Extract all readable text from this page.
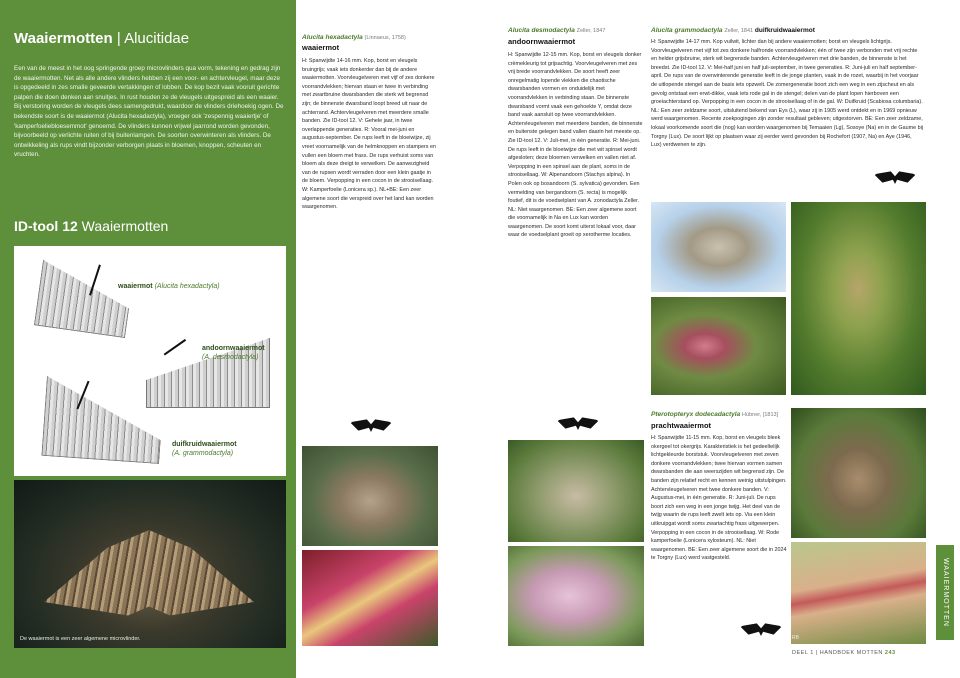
Waaiermotten | Alucitidae

Een van de meest in het oog springende groep microvlinders qua vorm, tekening en gedrag zijn de waaiermotten. Net als alle andere vlinders hebben zij een voor- en achtervleugel, maar deze is opgedeeld in zes smalle geveerde vertakkingen of lobben. De kop bezit vaak vooruit gerichte palpen die doen denken aan snuitjes. In rust houden ze de vleugels uitgespreid als een waaier. Bij verstoring worden de vleugels dees samengedrukt, waardoor de vlinders driehoekig ogen. De bekendste soort is de waaiermot (Alucita hexadactyla), vroeger ook 'zespennig waaiertje' of 'kamperfoeliebloesemmot' genoemd. De vlinders kunnen vrijwel jaarrond worden gevonden, bijvoorbeeld op verlichte ruiten of bij buitenlampen. De soorten overwinteren als vlinders. De ontwikkeling als rups vindt bijzonder verborgen plaats in bloemen, knoppen, scheuten en vruchten.

ID-tool 12 Waaiermotten
waaiermot (Alucita hexadactyla)
andoornwaaiermot
(A. desmodactyla)
duifkruidwaaiermot
(A. grammodactyla)
De waaiermot is een zeer algemene microvlinder.
Alucita hexadactyla (Linnaeus, 1758)
waaiermot

H: Spanwijdte 14-16 mm. Kop, borst en vleugels bruingrijs; vaak iets donkerder dan bij de andere waaiermotten. Voorvleugelveren met vijf of zes donkere voorrandvlekken; hiervan staan er twee in verbinding met zwartbruine dwarsbanden die sterk wit begrensd zijn; de binnenste dwarsband loopt breed uit naar de achterrand. Achtervleugelveren met meerdere smalle banden. Zie ID-tool 12. V: Gehele jaar, in twee overlappende generaties. R: Vooral mei-juni en augustus-september. De rups leeft in de bloeiwijze, zij vreet voornamelijk van de helmknoppen en stampers en vullen een bloem met frass. De rups verhuist soms van bloem als deze dreigt te verwelken. De aanwezigheid van de rupsen wordt verraden door een klein gaatje in de bloem. Verpopping in een cocon in de strooisellaag. W: Kamperfoelie (Lonicera sp.). NL+BE: Een zeer algemene soort die verspreid over het land kan worden waargenomen.

Alucita desmodactyla Zeller, 1847
andoornwaaiermot

H: Spanwijdte 12-15 mm. Kop, borst en vleugels donker crèmekleurig tot grijsachtig. Voorvleugelveren met zes vrij brede voorrandvlekken. De soort heeft zeer onregelmatig lopende vlekken die chaotische dwarsbanden vormen en onduidelijk met voorrandvlekken in verbinding staan. De binnenste dwarsband vormt vaak een gehoekte Y, omdat deze band vaak aansluit op twee voorrandvlekken. Achtervleugelveren met meerdere banden, de binnenste en buitenste gelegen band vallen daarin het meeste op. Zie ID-tool 12. V: Juli-mei, in één generatie. R: Mei-juni. De rups leeft in de bloeiwijze die met wit spinsel wordt afgesloten; deze bloemen verwelken en vallen niet af. Verpopping in een spinsel aan de plant, soms in de strooisellaag. W: Alpenandoorn (Stachys alpina). In Polen ook op bosandoorn (S. sylvatica) gevonden. Een vermelding van bergandoorn (S. recta) is mogelijk foutief, dit is de voedselplant van A. zonodactyla Zeller. NL: Niet waargenomen. BE: Een zeer algemene soort die voornamelijk in Na en Lux kan worden waargenomen. De soort komt uiterst lokaal voor, daar waar de voedselplant groeit op xerotherme locaties.

Alucita grammodactyla Zeller, 1841 duifkruidwaaiermot

H: Spanwijdte 14-17 mm. Kop vuilwit, lichter dan bij andere waaiermotten; borst en vleugels lichtgrijs. Voorvleugelveren met vijf tot zes donkere halfronde voorrandvlekken; één of twee zijn verbonden met vrij rechte en helder grijsbruine, sterk wit begrensde banden. Achtervleugelveren met drie banden, de binnenste is het breedst. Zie ID-tool 12. V: Mei-half juni en half juli-september, in twee generaties. R: Juni-juli en half september-april. De rups van de overwinterende generatie leeft in de jonge planten, vaak in de rozet, waarbij in het voorjaar de uitlopende stengel aan de basis iets opzwelt. De zomergeneratie boort zich een weg in een zijscheut en als gevolg ontstaat een erwt-dikke, vaak iets rode gal in de stengel; delen van de plant lopen hierboven een groeiachterstand op. Verpopping in een cocon in de strooisellaag of in de gal. W: Duifkruid (Scabiosa columbaria). NL: Een zeer zeldzame soort, uitsluitend bekend van Eys (L), waar zij in 1905 werd ontdekt en in 1969 opnieuw werd waargenomen. Recente zoekpogingen zijn zonder resultaat gebleven; uitgestorven. BE: Een zeer zeldzame, lokaal voorkomende soort die (nog) kan worden waargenomen bij Temaaien (Lg), Sosoye (Na) en in de Gaume bij Torgny (Lux). De soort lijkt op plaatsen waar zij eerder werd gevonden bij Rochefort (1907, Na) en Aye (1946, Lux) verdwenen te zijn.

Pterotopteryx dodecadactyla Hübner, [1813]
prachtwaaiermot

H: Spanwijdte 11-15 mm. Kop, borst en vleugels bleek okergeel tot okergrijs. Karakteristiek is het gedeeltelijk lichtgekleurde borststuk. Voorvleugelveren met zeven donkere voorrandvlekken; twee hiervan vormen samen dwarsbanden die aan weerszijden wit begrensd zijn. De banden zijn relatief recht en kennen weinig uitstulpingen. Achtervleugelveren met twee donkere banden. V: Augustus-mei, in één generatie. R: Juni-juli. De rups boort zich een weg in een jonge twijg. Het deel van de twijg waarin de rups leeft zwelt iets op. Via een klein uitkruipgat wordt soms zwartachtig frass uitgewerpen. Verpopping in een cocon in de strooisellaag. W: Rode kamperfoelie (Lonicera xylosteum). NL: Niet waargenomen. BE: Een zeer algemene soort die in 2024 te Torgny (Lux) werd vastgesteld.

RB
WAAIERMOTTEN
DEEL 1 | HANDBOEK MOTTEN 243
